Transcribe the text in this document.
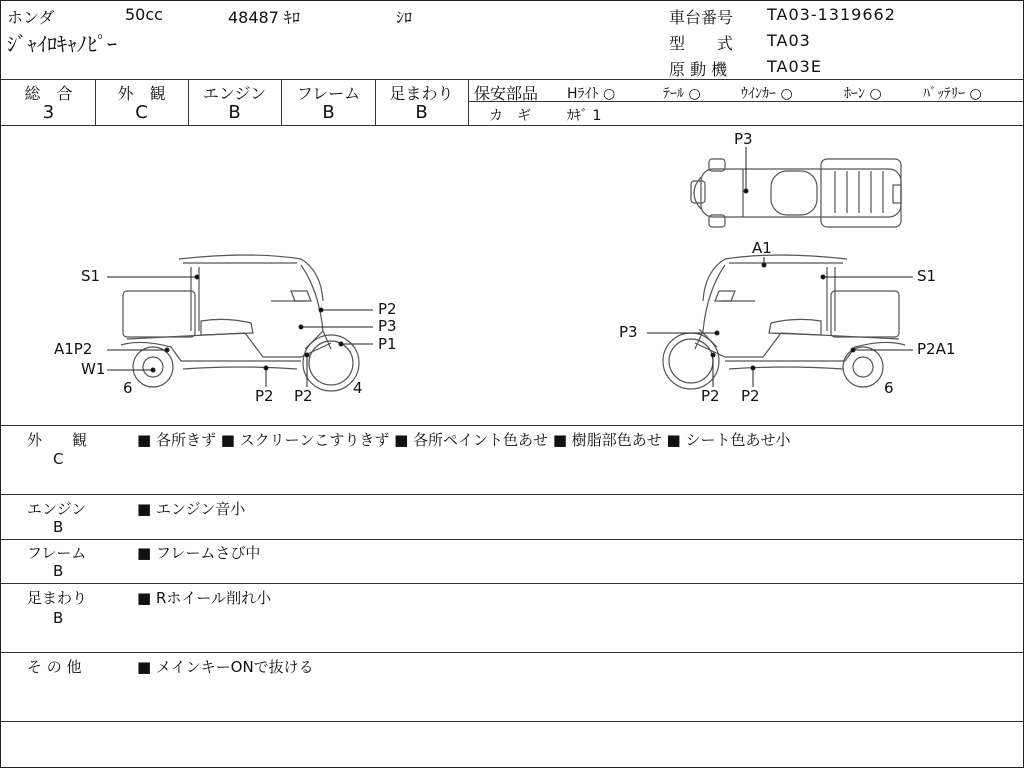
ホンダ	50cc	48487 ｷﾛ	ｼﾛ
ｼﾞｬｲﾛｷｬﾉﾋﾟｰ
車台番号 TA03-1319662
型　　式 TA03
原 動 機 TA03E
総　合	外　観	エンジン	フレーム	足まわり
3	C	B	B	B
保安部品 Hﾗｲﾄ ○	ﾃｰﾙ ○	ｳｲﾝｶｰ ○	ﾎｰﾝ ○	ﾊﾞｯﾃﾘｰ ○
カ　ギ	ｶｷﾞ 1
P3
S1
P2
P3
P1
A1P2
W1
6	4
P2 P2
A1
S1
P3
P2A1
6
P2 P2
外　　観
C
■ 各所きず ■ スクリーンこすりきず ■ 各所ペイント色あせ ■ 樹脂部色あせ ■ シート色あせ小
エンジン
B
■ エンジン音小
フレーム
B
■ フレームさび中
足まわり
B
■ Rホイール削れ小
そ の 他	■ メインキーONで抜ける
